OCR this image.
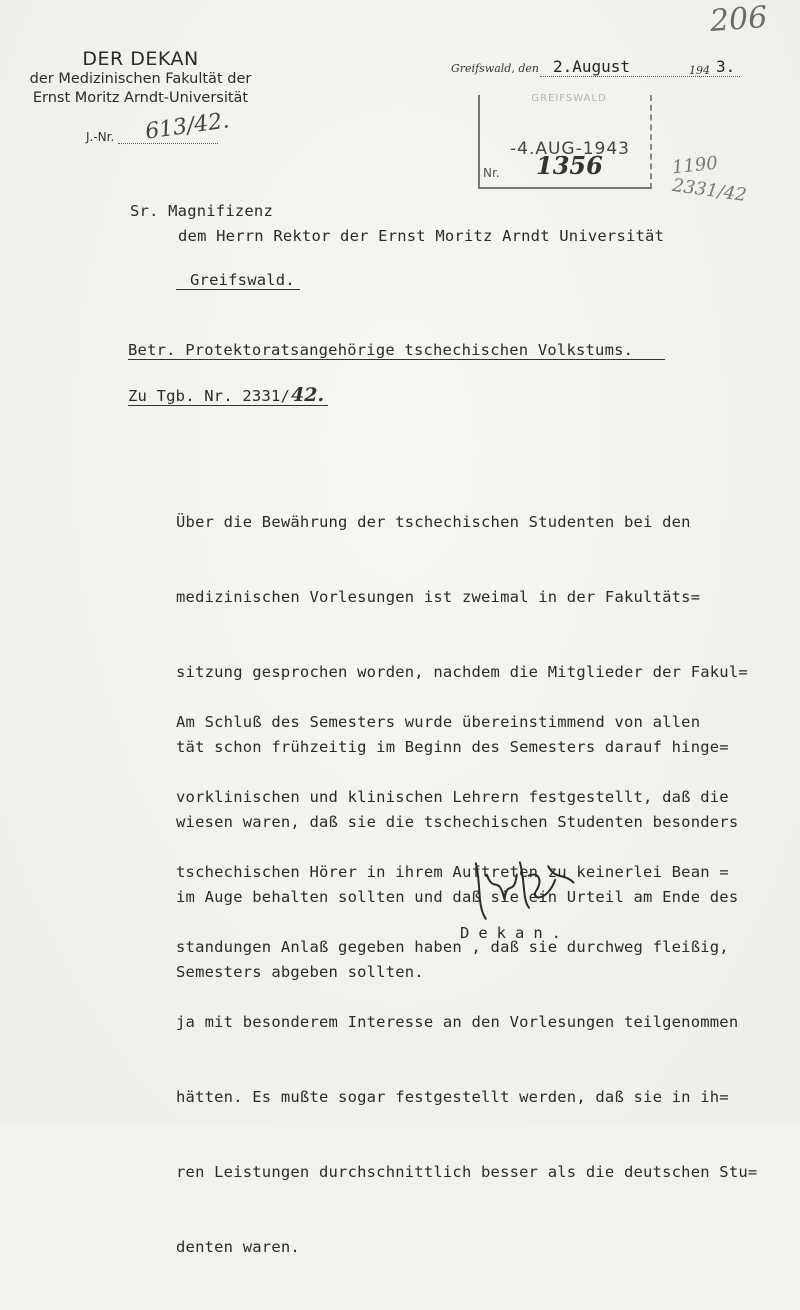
206
DER DEKAN
der Medizinischen Fakultät der
Ernst Moritz Arndt-Universität
J.-Nr. 613/42.
Greifswald, den 2.August	194 3.
GREIFSWALD
-4.AUG-1943
Nr. 1356	1190
2331/42
Sr. Magnifizenz
dem Herrn Rektor der Ernst Moritz Arndt Universität
Greifswald.
Betr. Protektoratsangehörige tschechischen Volkstums.
Zu Tgb. Nr. 2331/ 42.

Über die Bewährung der tschechischen Studenten bei den

medizinischen Vorlesungen ist zweimal in der Fakultäts=

sitzung gesprochen worden, nachdem die Mitglieder der Fakul=

tät schon frühzeitig im Beginn des Semesters darauf hinge=

wiesen waren, daß sie die tschechischen Studenten besonders

im Auge behalten sollten und daß sie ein Urteil am Ende des

Semesters abgeben sollten.

Am Schluß des Semesters wurde übereinstimmend von allen

vorklinischen und klinischen Lehrern festgestellt, daß die

tschechischen Hörer in ihrem Auftreten zu keinerlei Bean =

standungen Anlaß gegeben haben , daß sie durchweg fleißig,

ja mit besonderem Interesse an den Vorlesungen teilgenommen

hätten. Es mußte sogar festgestellt werden, daß sie in ih=

ren Leistungen durchschnittlich besser als die deutschen Stu=

denten waren.

Dekan.
